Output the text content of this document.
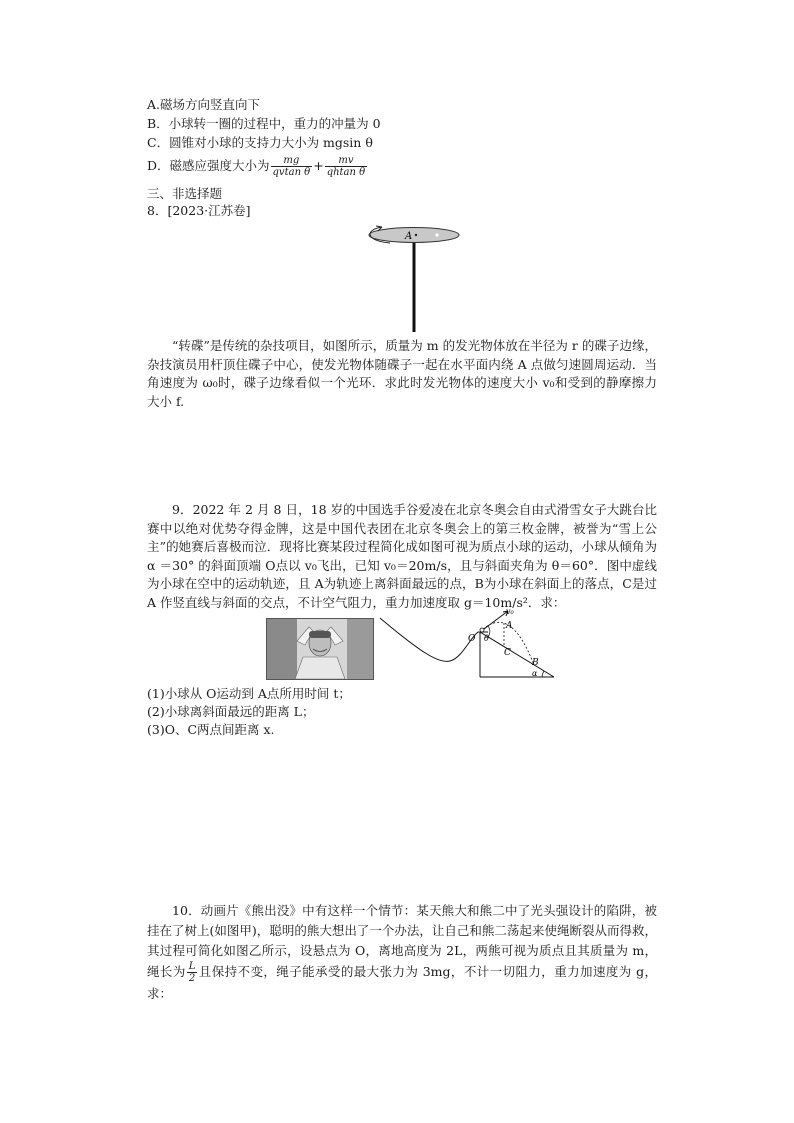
A.磁场方向竖直向下
B．小球转一圈的过程中，重力的冲量为 0
C．圆锥对小球的支持力大小为 mgsin θ
D．磁感应强度大小为 $\frac{mg}{\text{qvtan θ}} + \frac{mv}{\text{qhtan θ}}$
三、非选择题
8．[2023·江苏卷]
A
“转碟”是传统的杂技项目，如图所示，质量为 m 的发光物体放在半径为 r 的碟子边缘，杂技演员用杆顶住碟子中心，使发光物体随碟子一起在水平面内绕 A 点做匀速圆周运动．当角速度为 ω₀时，碟子边缘看似一个光环．求此时发光物体的速度大小 v₀和受到的静摩擦力大小 f.
9．2022 年 2 月 8 日，18 岁的中国选手谷爱凌在北京冬奥会自由式滑雪女子大跳台比赛中以绝对优势夺得金牌，这是中国代表团在北京冬奥会上的第三枚金牌，被誉为“雪上公主”的她赛后喜极而泣．现将比赛某段过程简化成如图可视为质点小球的运动，小球从倾角为 α ＝30° 的斜面顶端 O点以 v₀飞出，已知 v₀＝20m/s，且与斜面夹角为 θ＝60°．图中虚线为小球在空中的运动轨迹，且 A为轨迹上离斜面最远的点，B为小球在斜面上的落点，C是过 A 作竖直线与斜面的交点，不计空气阻力，重力加速度取 g＝10m/s²．求：
v₀
O θ
A
C
B
α
(1)小球从 O运动到 A点所用时间 t；
(2)小球离斜面最远的距离 L；
(3)O、C两点间距离 x.
10．动画片《熊出没》中有这样一个情节：某天熊大和熊二中了光头强设计的陷阱，被挂在了树上(如图甲)，聪明的熊大想出了一个办法，让自己和熊二荡起来使绳断裂从而得救，其过程可简化如图乙所示，设悬点为 O，离地高度为 2L，两熊可视为质点且其质量为 m，绳长为 $\frac{L}{2}$ 且保持不变，绳子能承受的最大张力为 3mg，不计一切阻力，重力加速度为 g，求：
